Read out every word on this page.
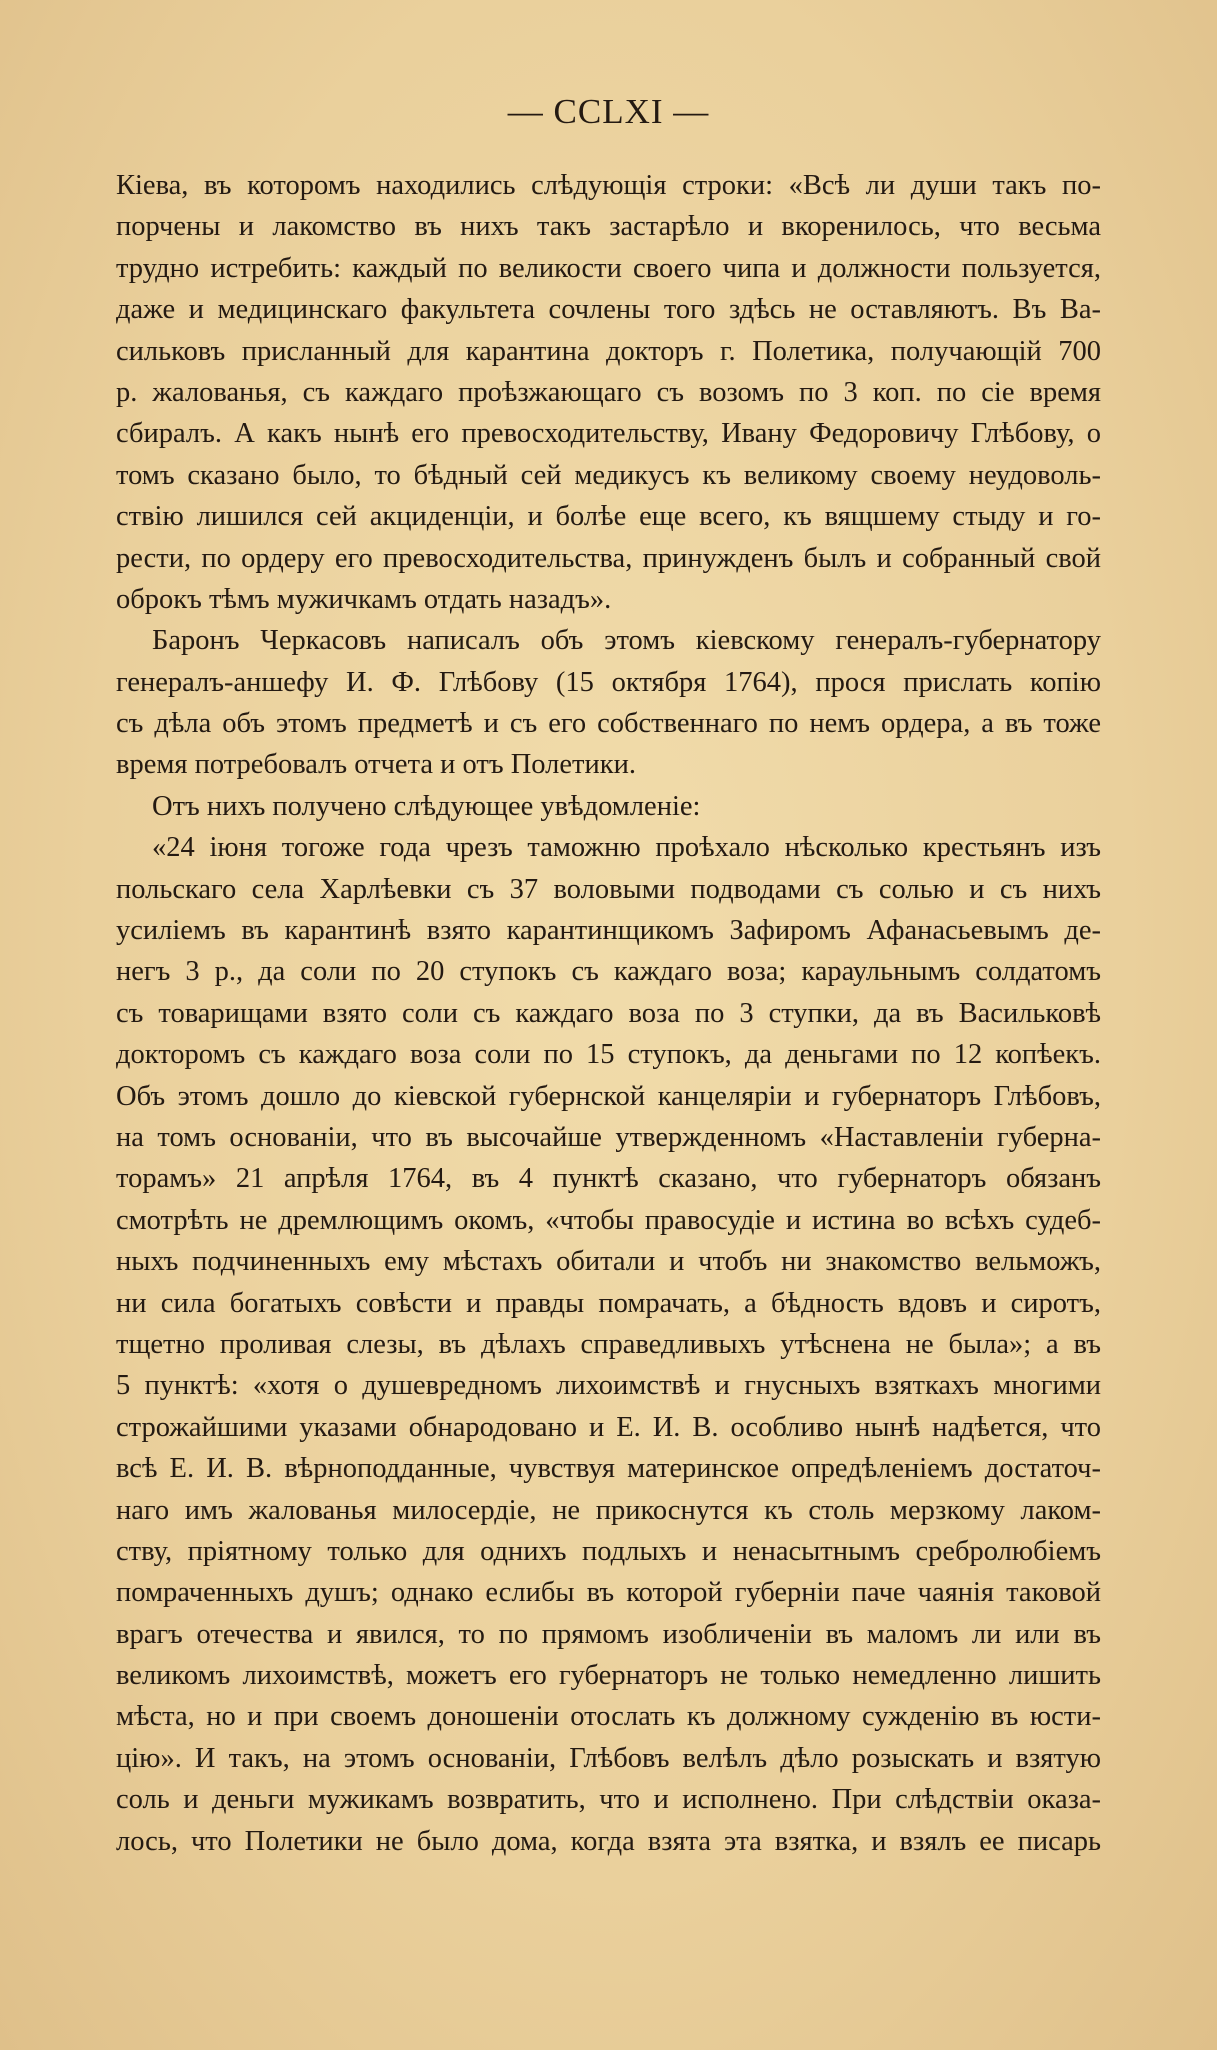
— CCLXI —
Кіева, въ которомъ находились слѣдующія строки: «Всѣ ли души такъ по-
порчены и лакомство въ нихъ такъ застарѣло и вкоренилось, что весьма
трудно истребить: каждый по великости своего чипа и должности пользуется,
даже и медицинскаго факультета сочлены того здѣсь не оставляютъ. Въ Ва-
сильковъ присланный для карантина докторъ г. Полетика, получающій 700
р. жалованья, съ каждаго проѣзжающаго съ возомъ по 3 коп. по сіе время
сбиралъ. А какъ нынѣ его превосходительству, Ивану Федоровичу Глѣбову, о
томъ сказано было, то бѣдный сей медикусъ къ великому своему неудоволь-
ствію лишился сей акциденціи, и болѣе еще всего, къ вящшему стыду и го-
рести, по ордеру его превосходительства, принужденъ былъ и собранный свой
оброкъ тѣмъ мужичкамъ отдать назадъ».
Баронъ Черкасовъ написалъ объ этомъ кіевскому генералъ-губернатору
генералъ-аншефу И. Ф. Глѣбову (15 октября 1764), прося прислать копію
съ дѣла объ этомъ предметѣ и съ его собственнаго по немъ ордера, а въ тоже
время потребовалъ отчета и отъ Полетики.
Отъ нихъ получено слѣдующее увѣдомленіе:
«24 іюня тогоже года чрезъ таможню проѣхало нѣсколько крестьянъ изъ
польскаго села Харлѣевки съ 37 воловыми подводами съ солью и съ нихъ
усиліемъ въ карантинѣ взято карантинщикомъ Зафиромъ Афанасьевымъ де-
негъ 3 р., да соли по 20 ступокъ съ каждаго воза; караульнымъ солдатомъ
съ товарищами взято соли съ каждаго воза по 3 ступки, да въ Васильковѣ
докторомъ съ каждаго воза соли по 15 ступокъ, да деньгами по 12 копѣекъ.
Объ этомъ дошло до кіевской губернской канцеляріи и губернаторъ Глѣбовъ,
на томъ основаніи, что въ высочайше утвержденномъ «Наставленіи губерна-
торамъ» 21 апрѣля 1764, въ 4 пунктѣ сказано, что губернаторъ обязанъ
смотрѣть не дремлющимъ окомъ, «чтобы правосудіе и истина во всѣхъ судеб-
ныхъ подчиненныхъ ему мѣстахъ обитали и чтобъ ни знакомство вельможъ,
ни сила богатыхъ совѣсти и правды помрачать, а бѣдность вдовъ и сиротъ,
тщетно проливая слезы, въ дѣлахъ справедливыхъ утѣснена не была»; а въ
5 пунктѣ: «хотя о душевредномъ лихоимствѣ и гнусныхъ взяткахъ многими
строжайшими указами обнародовано и Е. И. В. особливо нынѣ надѣется, что
всѣ Е. И. В. вѣрноподданные, чувствуя материнское опредѣленіемъ достаточ-
наго имъ жалованья милосердіе, не прикоснутся къ столь мерзкому лаком-
ству, пріятному только для однихъ подлыхъ и ненасытнымъ сребролюбіемъ
помраченныхъ душъ; однако еслибы въ которой губерніи паче чаянія таковой
врагъ отечества и явился, то по прямомъ изобличеніи въ маломъ ли или въ
великомъ лихоимствѣ, можетъ его губернаторъ не только немедленно лишить
мѣста, но и при своемъ доношеніи отослать къ должному сужденію въ юсти-
цію». И такъ, на этомъ основаніи, Глѣбовъ велѣлъ дѣло розыскать и взятую
соль и деньги мужикамъ возвратить, что и исполнено. При слѣдствіи оказа-
лось, что Полетики не было дома, когда взята эта взятка, и взялъ ее писарь
